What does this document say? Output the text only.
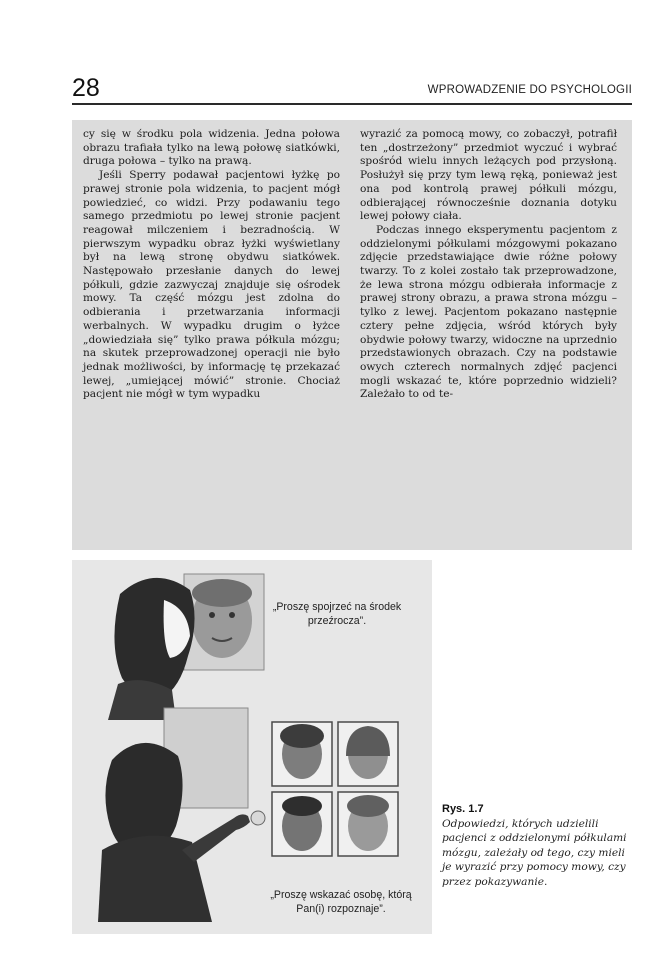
28	WPROWADZENIE DO PSYCHOLOGII

cy się w środku pola widzenia. Jedna połowa obrazu trafiała tylko na lewą połowę siatkówki, druga połowa – tylko na prawą.

Jeśli Sperry podawał pacjentowi łyżkę po prawej stronie pola widzenia, to pacjent mógł powiedzieć, co widzi. Przy podawaniu tego samego przedmiotu po lewej stronie pacjent reagował milczeniem i bezradnością. W pierwszym wypadku obraz łyżki wyświetlany był na lewą stronę obydwu siatkówek. Następowało przesłanie danych do lewej półkuli, gdzie zazwyczaj znajduje się ośrodek mowy. Ta część mózgu jest zdolna do odbierania i przetwarzania informacji werbalnych. W wypadku drugim o łyżce „dowiedziała się” tylko prawa półkula mózgu; na skutek przeprowadzonej operacji nie było jednak możliwości, by informację tę przekazać lewej, „umiejącej mówić” stronie. Chociaż pacjent nie mógł w tym wypadku

wyrazić za pomocą mowy, co zobaczył, potrafił ten „dostrzeżony” przedmiot wyczuć i wybrać spośród wielu innych leżących pod przysłoną. Posłużył się przy tym lewą ręką, ponieważ jest ona pod kontrolą prawej półkuli mózgu, odbierającej równocześnie doznania dotyku lewej połowy ciała.

Podczas innego eksperymentu pacjentom z oddzielonymi półkulami mózgowymi pokazano zdjęcie przedstawiające dwie różne połowy twarzy. To z kolei zostało tak przeprowadzone, że lewa strona mózgu odbierała informacje z prawej strony obrazu, a prawa strona mózgu – tylko z lewej. Pacjentom pokazano następnie cztery pełne zdjęcia, wśród których były obydwie połowy twarzy, widoczne na uprzednio przedstawionych obrazach. Czy na podstawie owych czterech normalnych zdjęć pacjenci mogli wskazać te, które poprzednio widzieli? Zależało to od te-

„Proszę spojrzeć na środek przeźrocza”.
„Proszę wskazać osobę, którą Pan(i) rozpoznaje”.
Rys. 1.7
Odpowiedzi, których udzielili pacjenci z oddzielonymi półkulami mózgu, zależały od tego, czy mieli je wyrazić przy pomocy mowy, czy przez pokazywanie.
